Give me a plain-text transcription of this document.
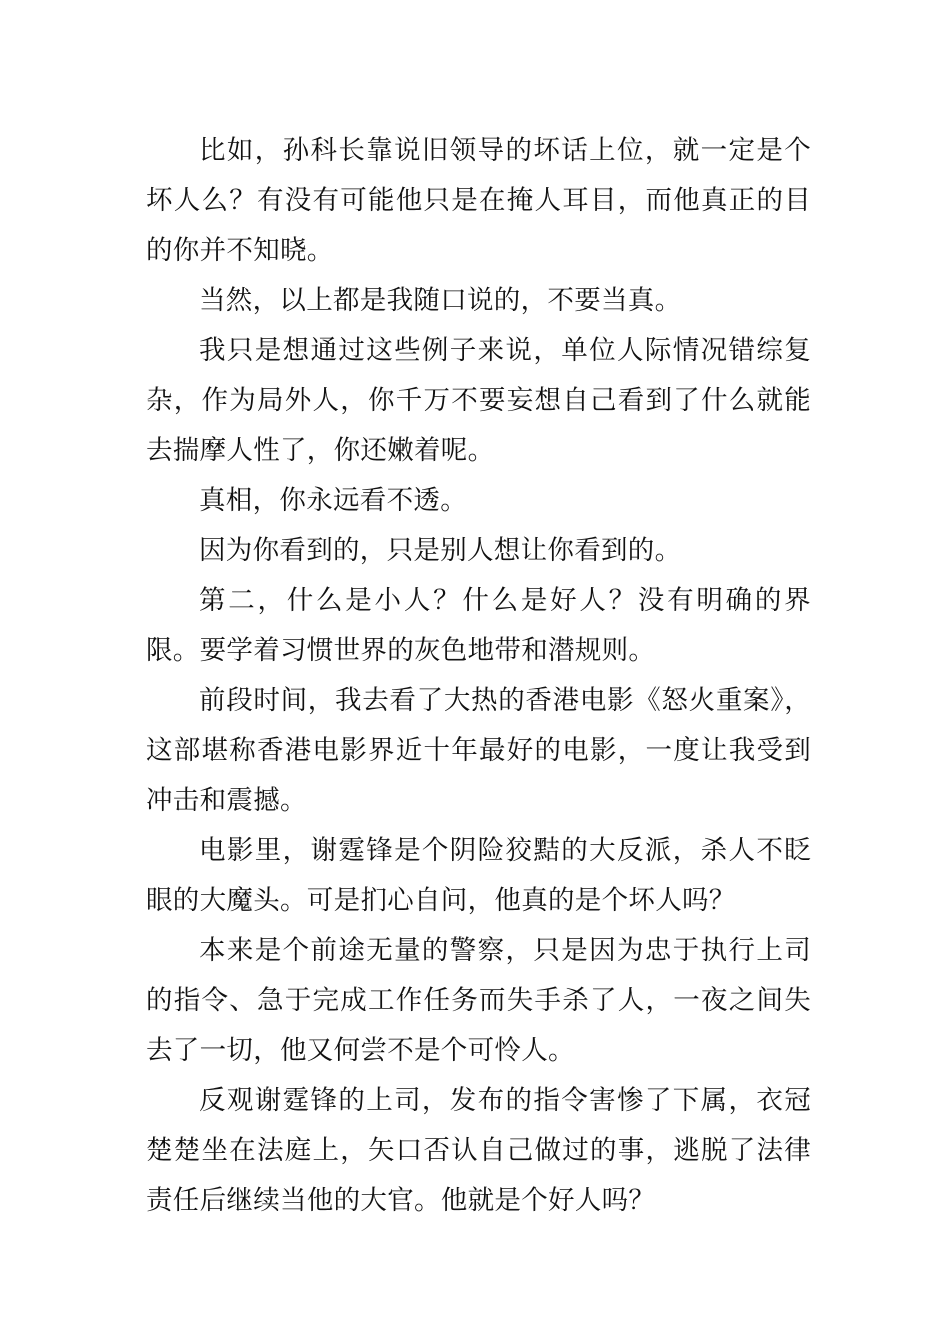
比如，孙科长靠说旧领导的坏话上位，就一定是个坏人么？有没有可能他只是在掩人耳目，而他真正的目的你并不知晓。

当然，以上都是我随口说的，不要当真。

我只是想通过这些例子来说，单位人际情况错综复杂，作为局外人，你千万不要妄想自己看到了什么就能去揣摩人性了，你还嫩着呢。

真相，你永远看不透。

因为你看到的，只是别人想让你看到的。

第二，什么是小人？什么是好人？没有明确的界限。要学着习惯世界的灰色地带和潜规则。

前段时间，我去看了大热的香港电影《怒火重案》，这部堪称香港电影界近十年最好的电影，一度让我受到冲击和震撼。

电影里，谢霆锋是个阴险狡黠的大反派，杀人不眨眼的大魔头。可是扪心自问，他真的是个坏人吗？

本来是个前途无量的警察，只是因为忠于执行上司的指令、急于完成工作任务而失手杀了人，一夜之间失去了一切，他又何尝不是个可怜人。

反观谢霆锋的上司，发布的指令害惨了下属，衣冠楚楚坐在法庭上，矢口否认自己做过的事，逃脱了法律责任后继续当他的大官。他就是个好人吗？
